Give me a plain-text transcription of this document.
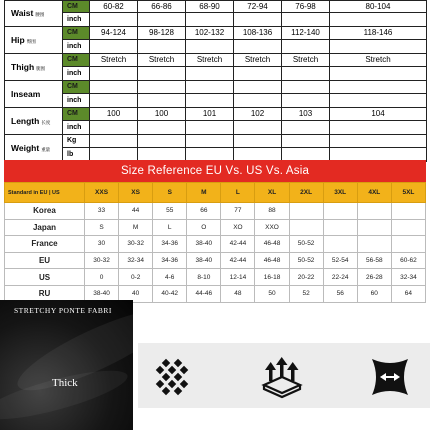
Waist 腰围	CM	60-82	66-86	68-90	72-94	76-98	80-104
	inch						
Hip 臀围	CM	94-124	98-128	102-132	108-136	112-140	118-146
	inch						
Thigh 腿围	CM	Stretch	Stretch	Stretch	Stretch	Stretch	Stretch
	inch						
Inseam	CM						
	inch						
Length 长度	CM	100	100	101	102	103	104
	inch						
Weight 重量	Kg						
	lb						
Size Reference EU Vs. US Vs. Asia
Standard in EU | US	XXS	XS	S	M	L	XL	2XL	3XL	4XL	5XL
Korea	33	44	55	66	77	88				
Japan	S	M	L	O	XO	XXO				
France	30	30-32	34-36	38-40	42-44	46-48	50-52			
EU	30-32	32-34	34-36	38-40	42-44	46-48	50-52	52-54	56-58	60-62
US	0	0-2	4-6	8-10	12-14	16-18	20-22	22-24	26-28	32-34
RU	38-40	40	40-42	44-46	48	50	52	56	60	64
STRETCHY PONTE FABRI
Thick
